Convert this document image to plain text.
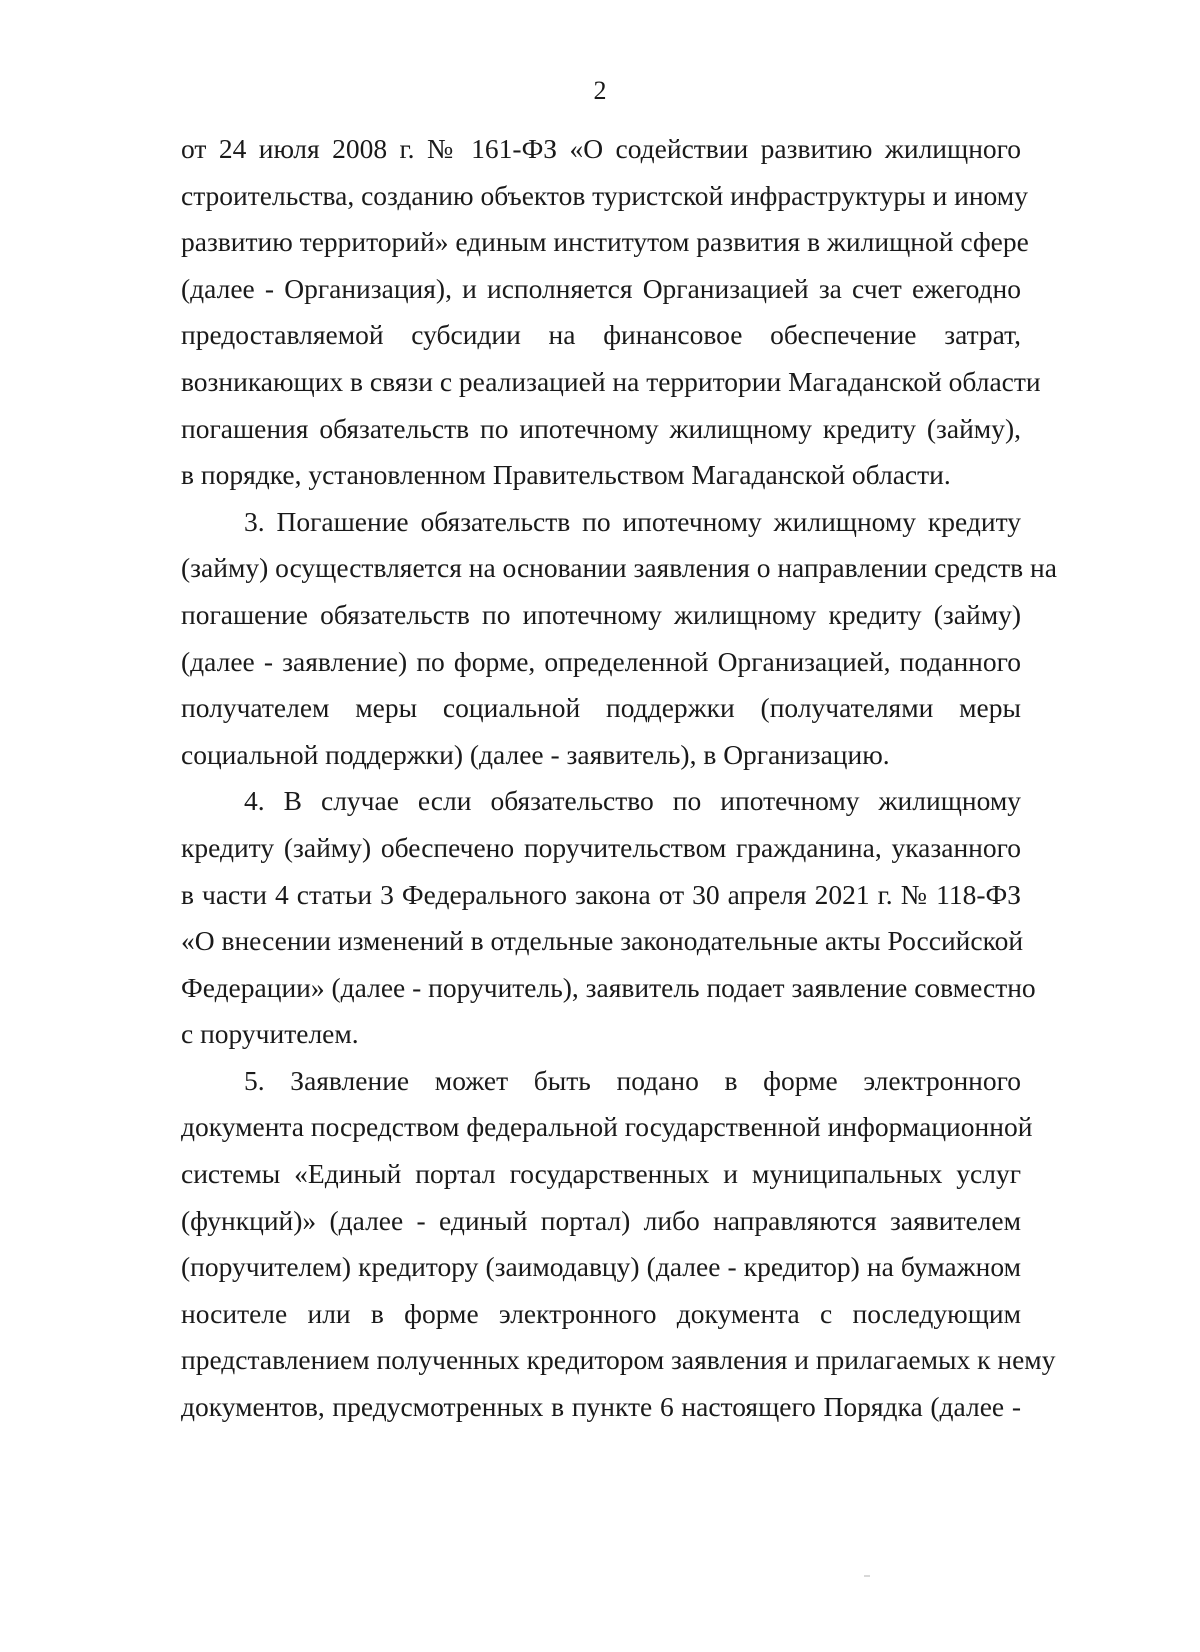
2
от 24 июля 2008 г. № 161-ФЗ «О содействии развитию жилищного
строительства, созданию объектов туристской инфраструктуры и иному
развитию территорий» единым институтом развития в жилищной сфере
(далее - Организация), и исполняется Организацией за счет ежегодно
предоставляемой субсидии на финансовое обеспечение затрат,
возникающих в связи с реализацией на территории Магаданской области
погашения обязательств по ипотечному жилищному кредиту (займу),
в порядке, установленном Правительством Магаданской области.
3. Погашение обязательств по ипотечному жилищному кредиту
(займу) осуществляется на основании заявления о направлении средств на
погашение обязательств по ипотечному жилищному кредиту (займу)
(далее - заявление) по форме, определенной Организацией, поданного
получателем меры социальной поддержки (получателями меры
социальной поддержки) (далее - заявитель), в Организацию.
4. В случае если обязательство по ипотечному жилищному
кредиту (займу) обеспечено поручительством гражданина, указанного
в части 4 статьи 3 Федерального закона от 30 апреля 2021 г. № 118-ФЗ
«О внесении изменений в отдельные законодательные акты Российской
Федерации» (далее - поручитель), заявитель подает заявление совместно
с поручителем.
5. Заявление может быть подано в форме электронного
документа посредством федеральной государственной информационной
системы «Единый портал государственных и муниципальных услуг
(функций)» (далее - единый портал) либо направляются заявителем
(поручителем) кредитору (заимодавцу) (далее - кредитор) на бумажном
носителе или в форме электронного документа с последующим
представлением полученных кредитором заявления и прилагаемых к нему
документов, предусмотренных в пункте 6 настоящего Порядка (далее -
